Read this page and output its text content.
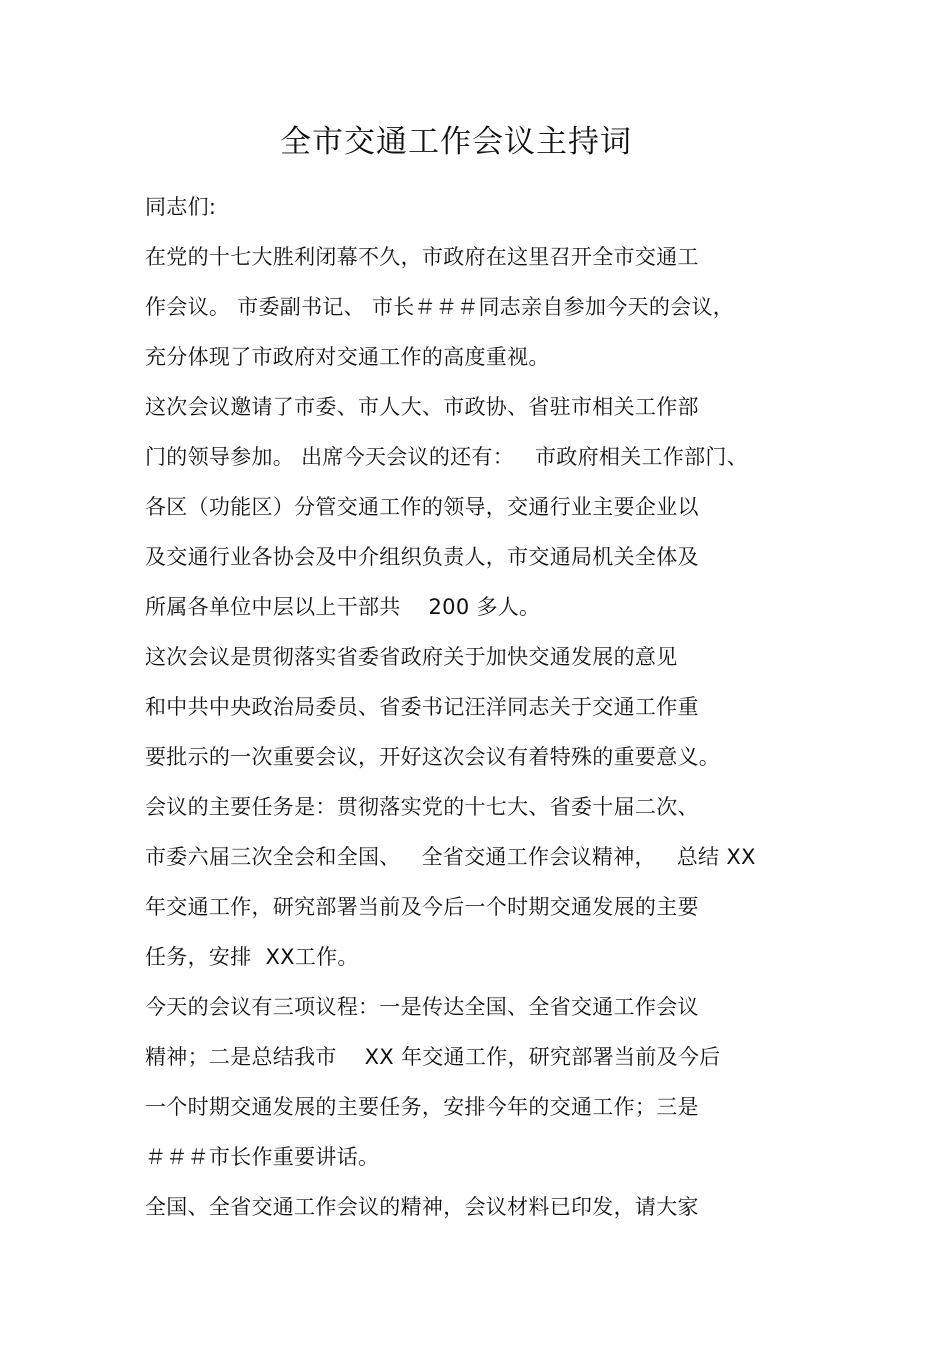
全市交通工作会议主持词
同志们:
在党的十七大胜利闭幕不久，市政府在这里召开全市交通工
作会议。 市委副书记、 市长＃＃＃同志亲自参加今天的会议，
充分体现了市政府对交通工作的高度重视。
这次会议邀请了市委、市人大、市政协、省驻市相关工作部
门的领导参加。 出席今天会议的还有：   市政府相关工作部门、
各区（功能区）分管交通工作的领导，交通行业主要企业以
及交通行业各协会及中介组织负责人，市交通局机关全体及
所属各单位中层以上干部共    200 多人。
这次会议是贯彻落实省委省政府关于加快交通发展的意见
和中共中央政治局委员、省委书记汪洋同志关于交通工作重
要批示的一次重要会议，开好这次会议有着特殊的重要意义。
会议的主要任务是：贯彻落实党的十七大、省委十届二次、
市委六届三次全会和全国、   全省交通工作会议精神，   总结 XX
年交通工作，研究部署当前及今后一个时期交通发展的主要
任务，安排  XX工作。
今天的会议有三项议程：一是传达全国、全省交通工作会议
精神；二是总结我市    XX 年交通工作，研究部署当前及今后
一个时期交通发展的主要任务，安排今年的交通工作；三是
＃＃＃市长作重要讲话。
全国、全省交通工作会议的精神，会议材料已印发，请大家
